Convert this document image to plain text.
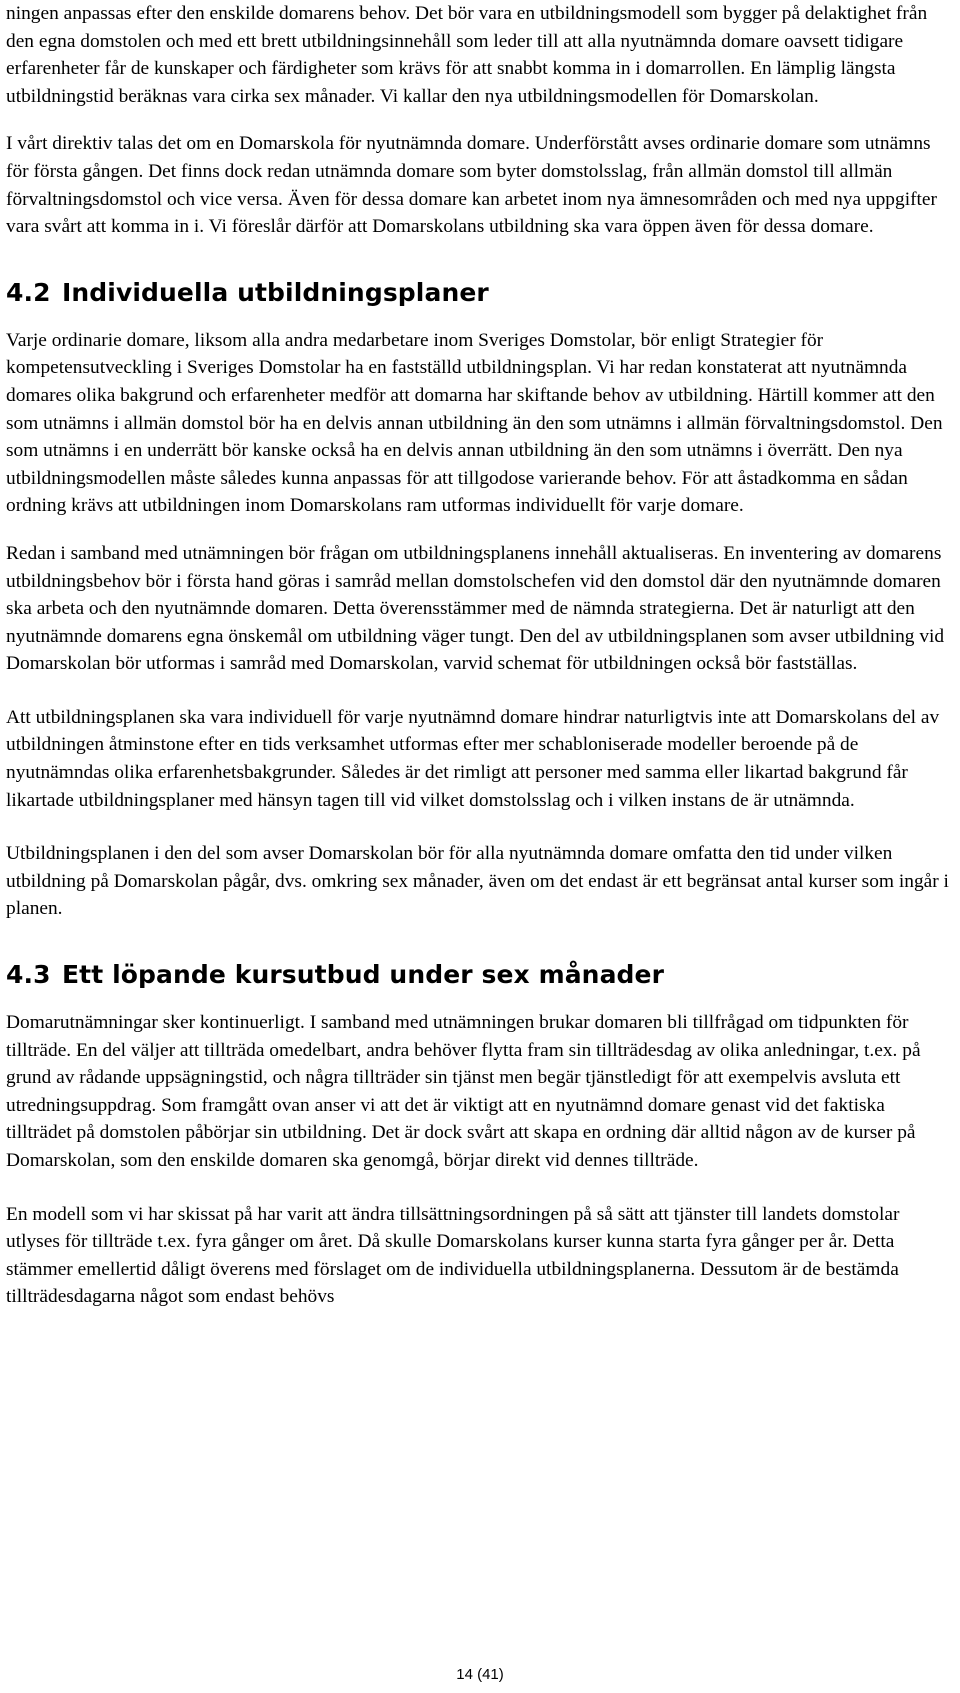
ningen anpassas efter den enskilde domarens behov. Det bör vara en utbildningsmodell som bygger på delaktighet från den egna domstolen och med ett brett utbildningsinnehåll som leder till att alla nyutnämnda domare oavsett tidigare erfarenheter får de kunskaper och färdigheter som krävs för att snabbt komma in i domarrollen. En lämplig längsta utbildningstid beräknas vara cirka sex månader. Vi kallar den nya utbildningsmodellen för Domarskolan.

I vårt direktiv talas det om en Domarskola för nyutnämnda domare. Underförstått avses ordinarie domare som utnämns för första gången. Det finns dock redan utnämnda domare som byter domstolsslag, från allmän domstol till allmän förvaltningsdomstol och vice versa. Även för dessa domare kan arbetet inom nya ämnesområden och med nya uppgifter vara svårt att komma in i. Vi föreslår därför att Domarskolans utbildning ska vara öppen även för dessa domare.

4.2 Individuella utbildningsplaner

Varje ordinarie domare, liksom alla andra medarbetare inom Sveriges Domstolar, bör enligt Strategier för kompetensutveckling i Sveriges Domstolar ha en fastställd utbildningsplan. Vi har redan konstaterat att nyutnämnda domares olika bakgrund och erfarenheter medför att domarna har skiftande behov av utbildning. Härtill kommer att den som utnämns i allmän domstol bör ha en delvis annan utbildning än den som utnämns i allmän förvaltningsdomstol. Den som utnämns i en underrätt bör kanske också ha en delvis annan utbildning än den som utnämns i överrätt. Den nya utbildningsmodellen måste således kunna anpassas för att tillgodose varierande behov. För att åstadkomma en sådan ordning krävs att utbildningen inom Domarskolans ram utformas individuellt för varje domare.

Redan i samband med utnämningen bör frågan om utbildningsplanens innehåll aktualiseras. En inventering av domarens utbildningsbehov bör i första hand göras i samråd mellan domstolschefen vid den domstol där den nyutnämnde domaren ska arbeta och den nyutnämnde domaren. Detta överensstämmer med de nämnda strategierna. Det är naturligt att den nyutnämnde domarens egna önskemål om utbildning väger tungt. Den del av utbildningsplanen som avser utbildning vid Domarskolan bör utformas i samråd med Domarskolan, varvid schemat för utbildningen också bör fastställas.

Att utbildningsplanen ska vara individuell för varje nyutnämnd domare hindrar naturligtvis inte att Domarskolans del av utbildningen åtminstone efter en tids verksamhet utformas efter mer schabloniserade modeller beroende på de nyutnämndas olika erfarenhetsbakgrunder. Således är det rimligt att personer med samma eller likartad bakgrund får likartade utbildningsplaner med hänsyn tagen till vid vilket domstolsslag och i vilken instans de är utnämnda.

Utbildningsplanen i den del som avser Domarskolan bör för alla nyutnämnda domare omfatta den tid under vilken utbildning på Domarskolan pågår, dvs. omkring sex månader, även om det endast är ett begränsat antal kurser som ingår i planen.

4.3 Ett löpande kursutbud under sex månader

Domarutnämningar sker kontinuerligt. I samband med utnämningen brukar domaren bli tillfrågad om tidpunkten för tillträde. En del väljer att tillträda omedelbart, andra behöver flytta fram sin tillträdesdag av olika anledningar, t.ex. på grund av rådande uppsägningstid, och några tillträder sin tjänst men begär tjänstledigt för att exempelvis avsluta ett utredningsuppdrag. Som framgått ovan anser vi att det är viktigt att en nyutnämnd domare genast vid det faktiska tillträdet på domstolen påbörjar sin utbildning. Det är dock svårt att skapa en ordning där alltid någon av de kurser på Domarskolan, som den enskilde domaren ska genomgå, börjar direkt vid dennes tillträde.

En modell som vi har skissat på har varit att ändra tillsättningsordningen på så sätt att tjänster till landets domstolar utlyses för tillträde t.ex. fyra gånger om året. Då skulle Domarskolans kurser kunna starta fyra gånger per år. Detta stämmer emellertid dåligt överens med förslaget om de individuella utbildningsplanerna. Dessutom är de bestämda tillträdesdagarna något som endast behövs

14 (41)
